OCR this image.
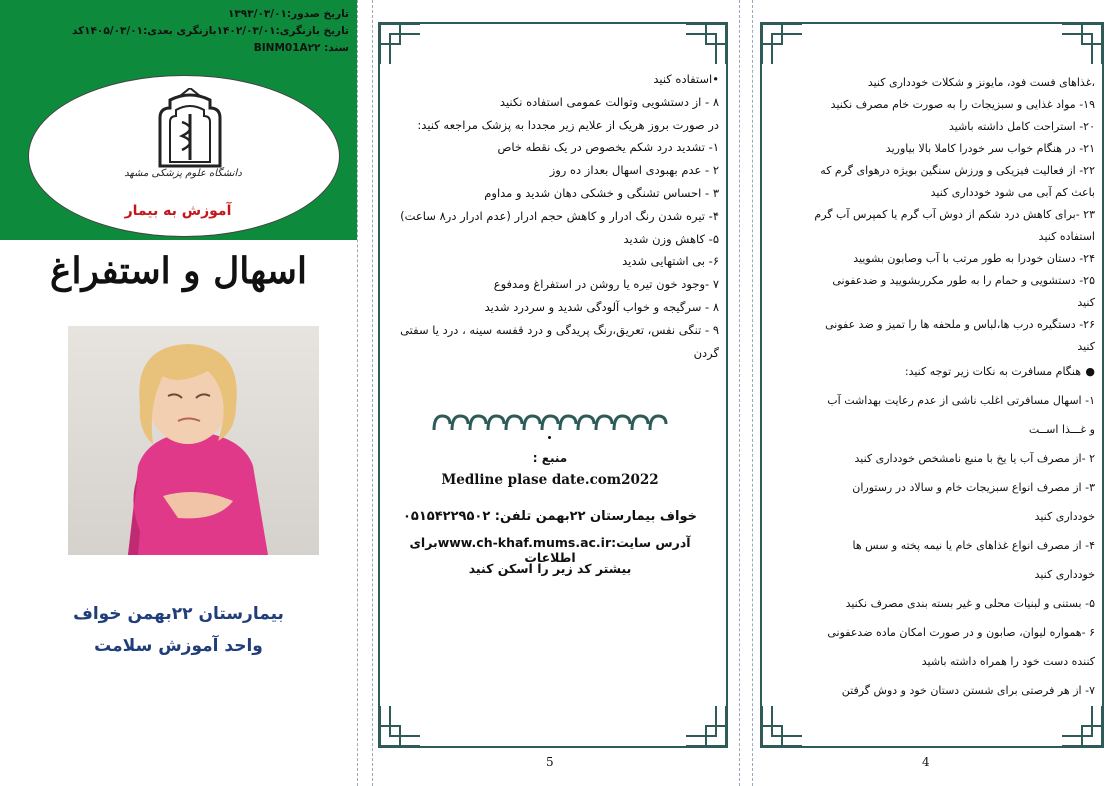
تاریخ صدور:۱۳۹۳/۰۳/۰۱
تاریخ بازنگری:۱۴۰۲/۰۳/۰۱بازنگری بعدی:۱۴۰۵/۰۳/۰۱کد
سند: BINM01A۲۲
دانشگاه علوم پزشکی مشهد
آموزش به بیمار
اسهال و استفراغ
بیمارستان ۲۲بهمن خواف
واحد آموزش سلامت
•استفاده کنید
۸ - از دستشویی وتوالت عمومی استفاده نکنید
در صورت بروز هریک از علایم زیر مجددا به پزشک مراجعه کنید:
۱- تشدید درد شکم یخصوص در یک نقطه خاص
۲ - عدم بهبودی اسهال بعداز ده روز
۳ - احساس تشنگی و خشکی دهان شدید و مداوم
۴- تیره شدن رنگ ادرار و کاهش حجم ادرار (عدم ادرار در۸ ساعت)
۵- کاهش وزن شدید
۶- بی اشتهایی شدید
۷ -وجود خون تیره یا روشن در استفراغ ومدفوع
۸ - سرگیجه و خواب آلودگی شدید و سردرد شدید
۹ - تنگی نفس، تعریق،رنگ پریدگی و درد قفسه سینه ، درد یا سفتی
گردن
منبع :
Medline plase date.com2022
خواف بیمارستان ۲۲بهمن تلفن: ۰۵۱۵۴۲۲۹۵۰۲
آدرس سایت:www.ch-khaf.mums.ac.irبرای اطلاعات
بیشتر کد زیر را اسکن کنید
5
،غذاهای فست فود، مایونز و شکلات خودداری کنید
۱۹- مواد غذایی و سبزیجات را به صورت خام مصرف نکنید
۲۰- استراحت کامل داشته باشید
۲۱- در هنگام خواب سر خودرا کاملا بالا بیاورید
۲۲- از فعالیت فیزیکی و ورزش سنگین بویژه درهوای گرم که
باعث کم آبی می شود خودداری کنید
۲۳ -برای کاهش درد شکم از دوش آب گرم یا کمپرس آب گرم
استفاده کنید
۲۴- دستان خودرا به طور مرتب با آب وصابون بشویید
۲۵- دستشویی و حمام را به طور مکرربشویید و ضدعفونی
کنید
۲۶- دستگیره درب ها،لباس و ملحفه ها را تمیز و ضد عفونی
کنید
●
هنگام مسافرت به نکات زیر توجه کنید:
۱- اسهال مسافرتی اغلب ناشی از عدم رعایت بهداشت آب
و غـــذا اســت
۲ -از مصرف آب یا یخ با منبع نامشخص خودداری کنید
۳- از مصرف انواع سبزیجات خام و سالاد در رستوران
خودداری کنید
۴- از مصرف انواع غذاهای خام یا نیمه پخته و سس ها
خودداری کنید
۵- بستنی و لبنیات محلی و غیر بسته بندی مصرف نکنید
۶ -همواره لیوان، صابون و در صورت امکان ماده ضدعفونی
کننده دست خود را همراه داشته باشید
۷- از هر فرصتی برای شستن دستان خود و دوش گرفتن
4
